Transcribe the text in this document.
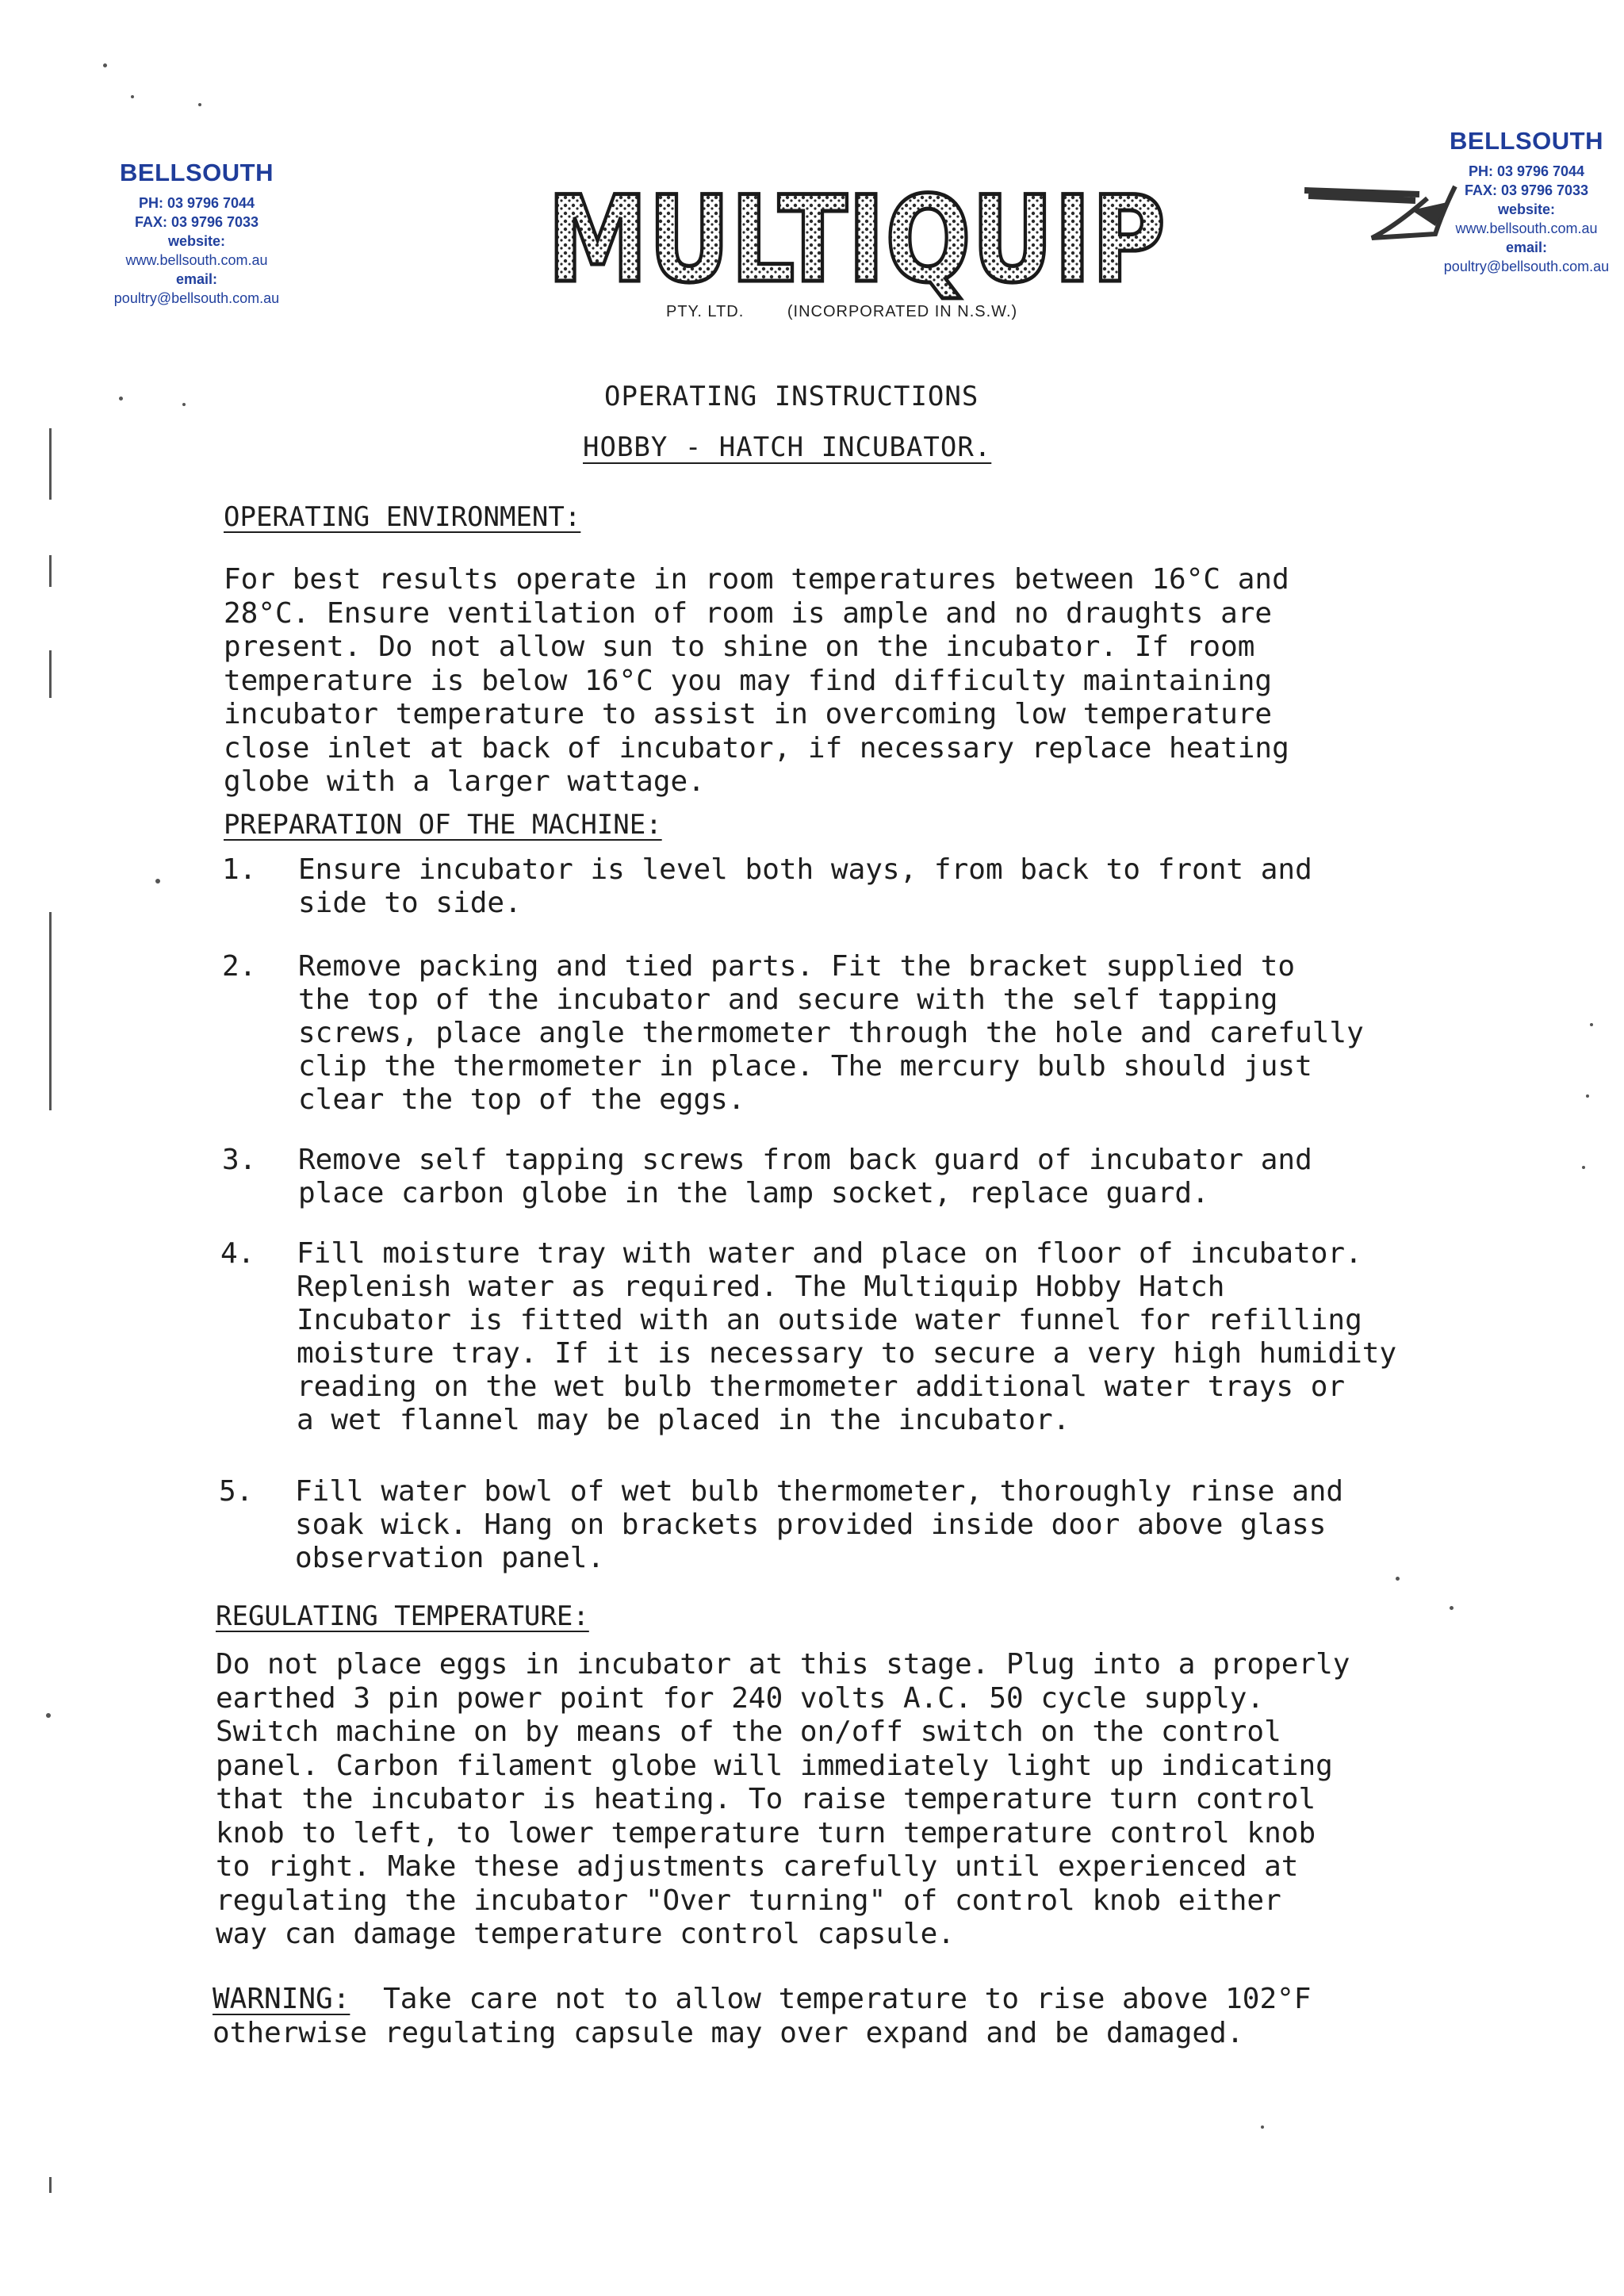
BELLSOUTH
PH: 03 9796 7044
FAX: 03 9796 7033
website:
www.bellsouth.com.au
email:
poultry@bellsouth.com.au
BELLSOUTH
PH: 03 9796 7044
FAX: 03 9796 7033
website:
www.bellsouth.com.au
email:
poultry@bellsouth.com.au
MULTIQUIP
PTY. LTD.	(INCORPORATED IN N.S.W.)
OPERATING INSTRUCTIONS
HOBBY - HATCH INCUBATOR.
OPERATING ENVIRONMENT:
For best results operate in room temperatures between 16°C and
28°C. Ensure ventilation of room is ample and no draughts are
present. Do not allow sun to shine on the incubator. If room
temperature is below 16°C you may find difficulty maintaining
incubator temperature to assist in overcoming low temperature
close inlet at back of incubator, if necessary replace heating
globe with a larger wattage.
PREPARATION OF THE MACHINE:
1. Ensure incubator is level both ways, from back to front and
side to side.
2. Remove packing and tied parts. Fit the bracket supplied to
the top of the incubator and secure with the self tapping
screws, place angle thermometer through the hole and carefully
clip the thermometer in place. The mercury bulb should just
clear the top of the eggs.
3. Remove self tapping screws from back guard of incubator and
place carbon globe in the lamp socket, replace guard.
4. Fill moisture tray with water and place on floor of incubator.
Replenish water as required. The Multiquip Hobby Hatch
Incubator is fitted with an outside water funnel for refilling
moisture tray. If it is necessary to secure a very high humidity
reading on the wet bulb thermometer additional water trays or
a wet flannel may be placed in the incubator.
5. Fill water bowl of wet bulb thermometer, thoroughly rinse and
soak wick. Hang on brackets provided inside door above glass
observation panel.
REGULATING TEMPERATURE:
Do not place eggs in incubator at this stage. Plug into a properly
earthed 3 pin power point for 240 volts A.C. 50 cycle supply.
Switch machine on by means of the on/off switch on the control
panel. Carbon filament globe will immediately light up indicating
that the incubator is heating. To raise temperature turn control
knob to left, to lower temperature turn temperature control knob
to right. Make these adjustments carefully until experienced at
regulating the incubator "Over turning" of control knob either
way can damage temperature control capsule.
WARNING: Take care not to allow temperature to rise above 102°F
otherwise regulating capsule may over expand and be damaged.
